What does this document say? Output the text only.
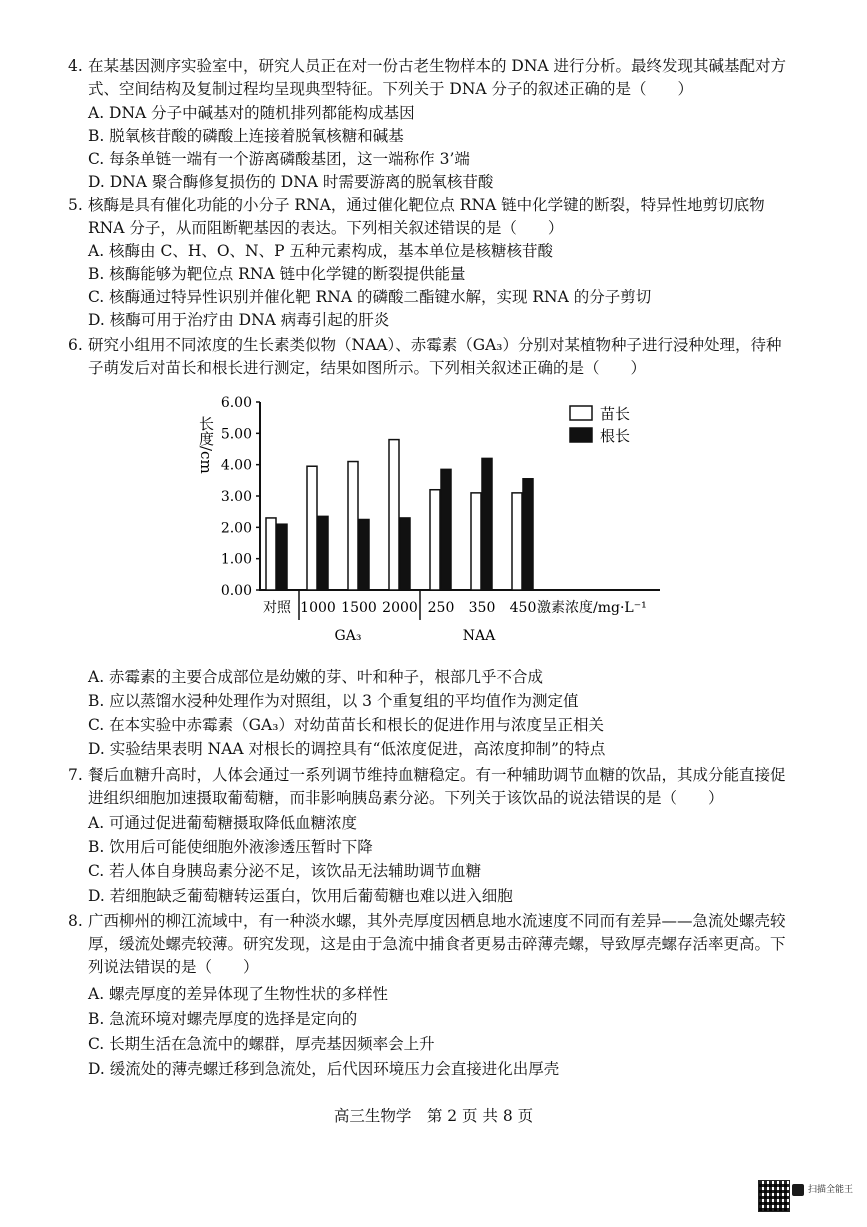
4. 在某基因测序实验室中，研究人员正在对一份古老生物样本的 DNA 进行分析。最终发现其碱基配对方式、空间结构及复制过程均呈现典型特征。下列关于 DNA 分子的叙述正确的是（　　）
A. DNA 分子中碱基对的随机排列都能构成基因
B. 脱氧核苷酸的磷酸上连接着脱氧核糖和碱基
C. 每条单链一端有一个游离磷酸基团，这一端称作 3’端
D. DNA 聚合酶修复损伤的 DNA 时需要游离的脱氧核苷酸
5. 核酶是具有催化功能的小分子 RNA，通过催化靶位点 RNA 链中化学键的断裂，特异性地剪切底物 RNA 分子，从而阻断靶基因的表达。下列相关叙述错误的是（　　）
A. 核酶由 C、H、O、N、P 五种元素构成，基本单位是核糖核苷酸
B. 核酶能够为靶位点 RNA 链中化学键的断裂提供能量
C. 核酶通过特异性识别并催化靶 RNA 的磷酸二酯键水解，实现 RNA 的分子剪切
D. 核酶可用于治疗由 DNA 病毒引起的肝炎
6. 研究小组用不同浓度的生长素类似物（NAA）、赤霉素（GA₃）分别对某植物种子进行浸种处理，待种子萌发后对苗长和根长进行测定，结果如图所示。下列相关叙述正确的是（　　）
0.00
1.00
2.00
3.00
4.00
5.00
6.00
长度/cm
对照 1000 1500 2000 250 350 450
GA₃	NAA
激素浓度/mg·L⁻¹
苗长
根长
A. 赤霉素的主要合成部位是幼嫩的芽、叶和种子，根部几乎不合成
B. 应以蒸馏水浸种处理作为对照组，以 3 个重复组的平均值作为测定值
C. 在本实验中赤霉素（GA₃）对幼苗苗长和根长的促进作用与浓度呈正相关
D. 实验结果表明 NAA 对根长的调控具有“低浓度促进，高浓度抑制”的特点
7. 餐后血糖升高时，人体会通过一系列调节维持血糖稳定。有一种辅助调节血糖的饮品，其成分能直接促进组织细胞加速摄取葡萄糖，而非影响胰岛素分泌。下列关于该饮品的说法错误的是（　　）
A. 可通过促进葡萄糖摄取降低血糖浓度
B. 饮用后可能使细胞外液渗透压暂时下降
C. 若人体自身胰岛素分泌不足，该饮品无法辅助调节血糖
D. 若细胞缺乏葡萄糖转运蛋白，饮用后葡萄糖也难以进入细胞
8. 广西柳州的柳江流域中，有一种淡水螺，其外壳厚度因栖息地水流速度不同而有差异——急流处螺壳较厚，缓流处螺壳较薄。研究发现，这是由于急流中捕食者更易击碎薄壳螺，导致厚壳螺存活率更高。下列说法错误的是（　　）
A. 螺壳厚度的差异体现了生物性状的多样性
B. 急流环境对螺壳厚度的选择是定向的
C. 长期生活在急流中的螺群，厚壳基因频率会上升
D. 缓流处的薄壳螺迁移到急流处，后代因环境压力会直接进化出厚壳
高三生物学　第 2 页 共 8 页
扫描全能王
